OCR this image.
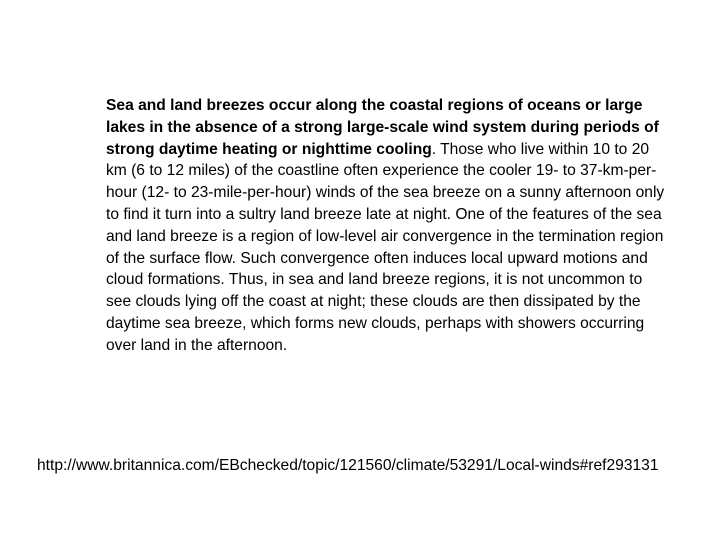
Sea and land breezes occur along the coastal regions of oceans or large lakes in the absence of a strong large-scale wind system during periods of strong daytime heating or nighttime cooling. Those who live within 10 to 20 km (6 to 12 miles) of the coastline often experience the cooler 19- to 37-km-per-hour (12- to 23-mile-per-hour) winds of the sea breeze on a sunny afternoon only to find it turn into a sultry land breeze late at night. One of the features of the sea and land breeze is a region of low-level air convergence in the termination region of the surface flow. Such convergence often induces local upward motions and cloud formations. Thus, in sea and land breeze regions, it is not uncommon to see clouds lying off the coast at night; these clouds are then dissipated by the daytime sea breeze, which forms new clouds, perhaps with showers occurring over land in the afternoon.

http://www.britannica.com/EBchecked/topic/121560/climate/53291/Local-winds#ref293131
